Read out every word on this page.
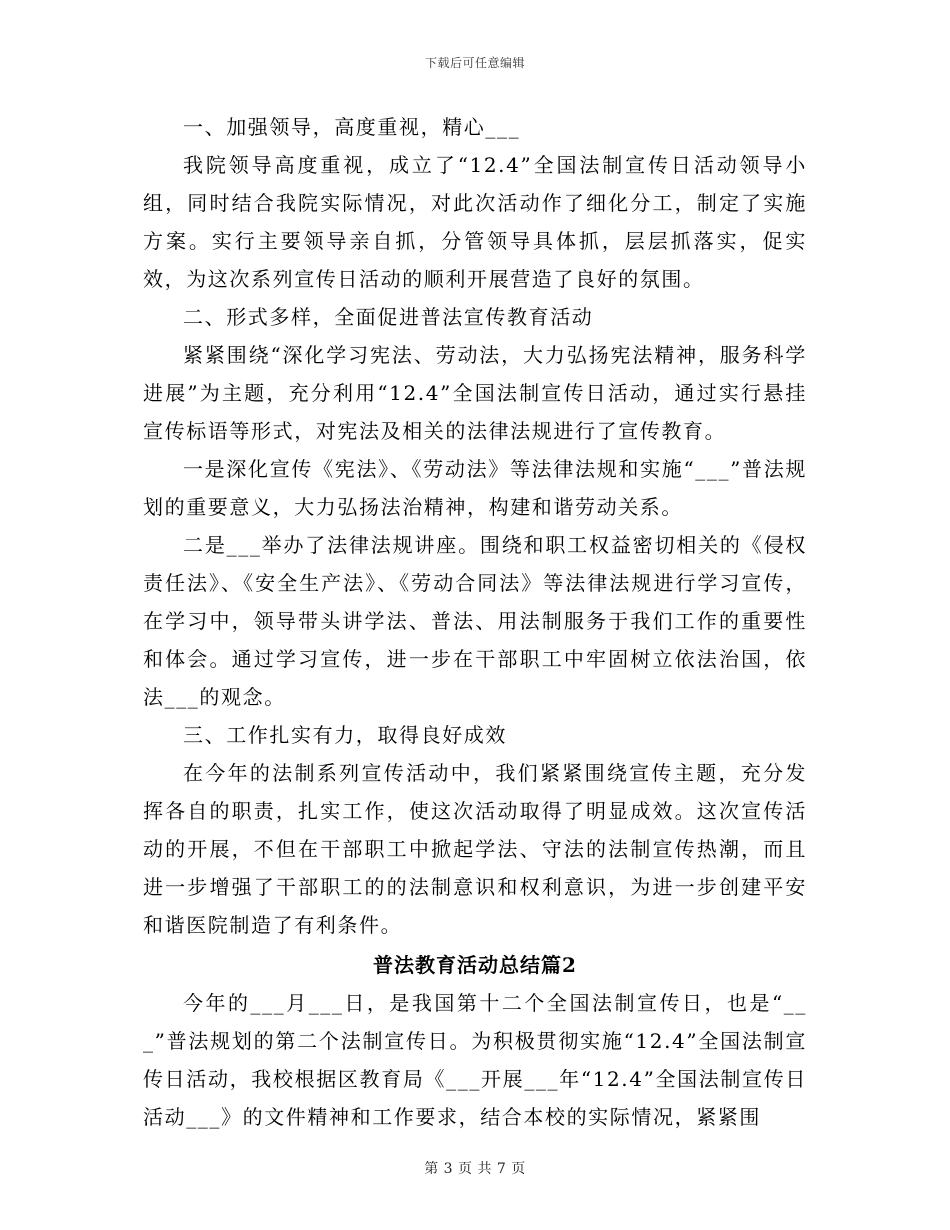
下载后可任意编辑

一、加强领导，高度重视，精心___

我院领导高度重视，成立了“12.4”全国法制宣传日活动领导小组，同时结合我院实际情况，对此次活动作了细化分工，制定了实施方案。实行主要领导亲自抓，分管领导具体抓，层层抓落实，促实效，为这次系列宣传日活动的顺利开展营造了良好的氛围。

二、形式多样，全面促进普法宣传教育活动

紧紧围绕“深化学习宪法、劳动法，大力弘扬宪法精神，服务科学进展”为主题，充分利用“12.4”全国法制宣传日活动，通过实行悬挂宣传标语等形式，对宪法及相关的法律法规进行了宣传教育。

一是深化宣传《宪法》、《劳动法》等法律法规和实施“___”普法规划的重要意义，大力弘扬法治精神，构建和谐劳动关系。

二是___举办了法律法规讲座。围绕和职工权益密切相关的《侵权责任法》、《安全生产法》、《劳动合同法》等法律法规进行学习宣传，在学习中，领导带头讲学法、普法、用法制服务于我们工作的重要性和体会。通过学习宣传，进一步在干部职工中牢固树立依法治国，依法___的观念。

三、工作扎实有力，取得良好成效

在今年的法制系列宣传活动中，我们紧紧围绕宣传主题，充分发挥各自的职责，扎实工作，使这次活动取得了明显成效。这次宣传活动的开展，不但在干部职工中掀起学法、守法的法制宣传热潮，而且进一步增强了干部职工的的法制意识和权利意识，为进一步创建平安和谐医院制造了有利条件。

普法教育活动总结篇2

今年的___月___日，是我国第十二个全国法制宣传日，也是“___”普法规划的第二个法制宣传日。为积极贯彻实施“12.4”全国法制宣传日活动，我校根据区教育局《___开展___年“12.4”全国法制宣传日活动___》的文件精神和工作要求，结合本校的实际情况，紧紧围

第 3 页 共 7 页
